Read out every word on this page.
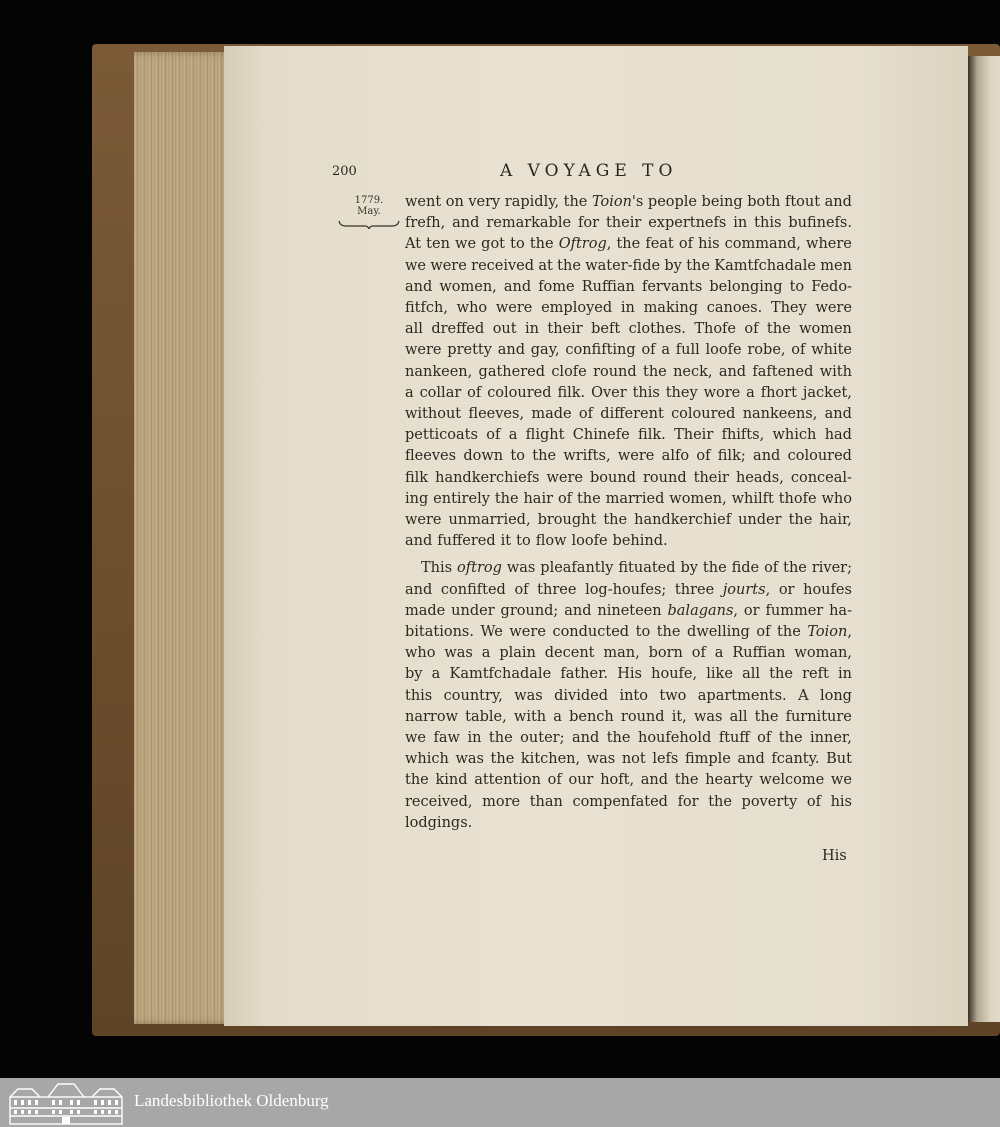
200	A VOYAGE TO
1779.
May.
went on very rapidly, the Toion's people being both ftout and
frefh, and remarkable for their expertnefs in this bufinefs.
At ten we got to the Oftrog, the feat of his command, where
we were received at the water-fide by the Kamtfchadale men
and women, and fome Ruffian fervants belonging to Fedo-
fitfch, who were employed in making canoes. They were
all dreffed out in their beft clothes. Thofe of the women
were pretty and gay, confifting of a full loofe robe, of white
nankeen, gathered clofe round the neck, and faftened with
a collar of coloured filk. Over this they wore a fhort jacket,
without fleeves, made of different coloured nankeens, and
petticoats of a flight Chinefe filk. Their fhifts, which had
fleeves down to the wrifts, were alfo of filk; and coloured
filk handkerchiefs were bound round their heads, conceal-
ing entirely the hair of the married women, whilft thofe who
were unmarried, brought the handkerchief under the hair,
and fuffered it to flow loofe behind.
This oftrog was pleafantly fituated by the fide of the river;
and confifted of three log-houfes; three jourts, or houfes
made under ground; and nineteen balagans, or fummer ha-
bitations. We were conducted to the dwelling of the Toion,
who was a plain decent man, born of a Ruffian woman,
by a Kamtfchadale father. His houfe, like all the reft in
this country, was divided into two apartments. A long
narrow table, with a bench round it, was all the furniture
we faw in the outer; and the houfehold ftuff of the inner,
which was the kitchen, was not lefs fimple and fcanty. But
the kind attention of our hoft, and the hearty welcome we
received, more than compenfated for the poverty of his
lodgings.
His
Landesbibliothek Oldenburg
